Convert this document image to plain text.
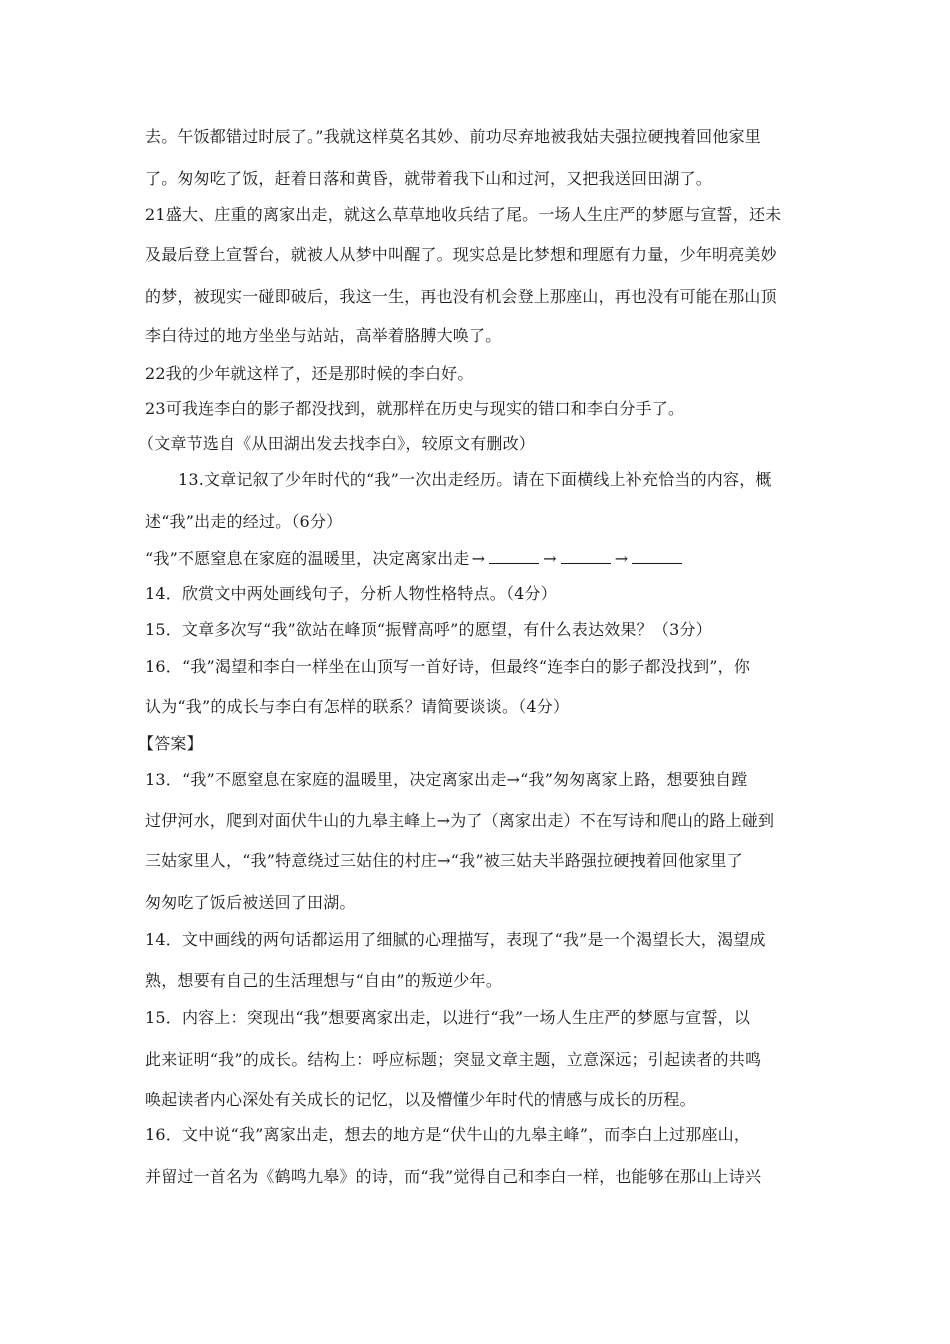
去。午饭都错过时辰了。”我就这样莫名其妙、前功尽弃地被我姑夫强拉硬拽着回他家里
了。匆匆吃了饭，赶着日落和黄昏，就带着我下山和过河，又把我送回田湖了。
21盛大、庄重的离家出走，就这么草草地收兵结了尾。一场人生庄严的梦愿与宣誓，还未
及最后登上宣誓台，就被人从梦中叫醒了。现实总是比梦想和理愿有力量，少年明亮美妙
的梦，被现实一碰即破后，我这一生，再也没有机会登上那座山，再也没有可能在那山顶
李白待过的地方坐坐与站站，高举着胳膊大唤了。
22我的少年就这样了，还是那时候的李白好。
23可我连李白的影子都没找到，就那样在历史与现实的错口和李白分手了。
（文章节选自《从田湖出发去找李白》，较原文有删改）
13.文章记叙了少年时代的“我”一次出走经历。请在下面横线上补充恰当的内容，概
述“我”出走的经过。（6分）
“我”不愿窒息在家庭的温暖里，决定离家出走 →	→	→
14．欣赏文中两处画线句子，分析人物性格特点。（4分）
15．文章多次写“我”欲站在峰顶“振臂高呼”的愿望，有什么表达效果？（3分）
16．“我”渴望和李白一样坐在山顶写一首好诗，但最终“连李白的影子都没找到”，你
认为“我”的成长与李白有怎样的联系？请简要谈谈。（4分）
【答案】
13．“我”不愿窒息在家庭的温暖里，决定离家出走→“我”匆匆离家上路，想要独自蹚
过伊河水，爬到对面伏牛山的九皋主峰上→为了（离家出走）不在写诗和爬山的路上碰到
三姑家里人，“我”特意绕过三姑住的村庄→“我”被三姑夫半路强拉硬拽着回他家里了
匆匆吃了饭后被送回了田湖。
14．文中画线的两句话都运用了细腻的心理描写，表现了“我”是一个渴望长大，渴望成
熟，想要有自己的生活理想与“自由”的叛逆少年。
15．内容上：突现出“我”想要离家出走，以进行“我”一场人生庄严的梦愿与宣誓，以
此来证明“我”的成长。结构上：呼应标题；突显文章主题，立意深远；引起读者的共鸣
唤起读者内心深处有关成长的记忆，以及懵懂少年时代的情感与成长的历程。
16．文中说“我”离家出走，想去的地方是“伏牛山的九皋主峰”，而李白上过那座山，
并留过一首名为《鹤鸣九皋》的诗，而“我”觉得自己和李白一样，也能够在那山上诗兴
